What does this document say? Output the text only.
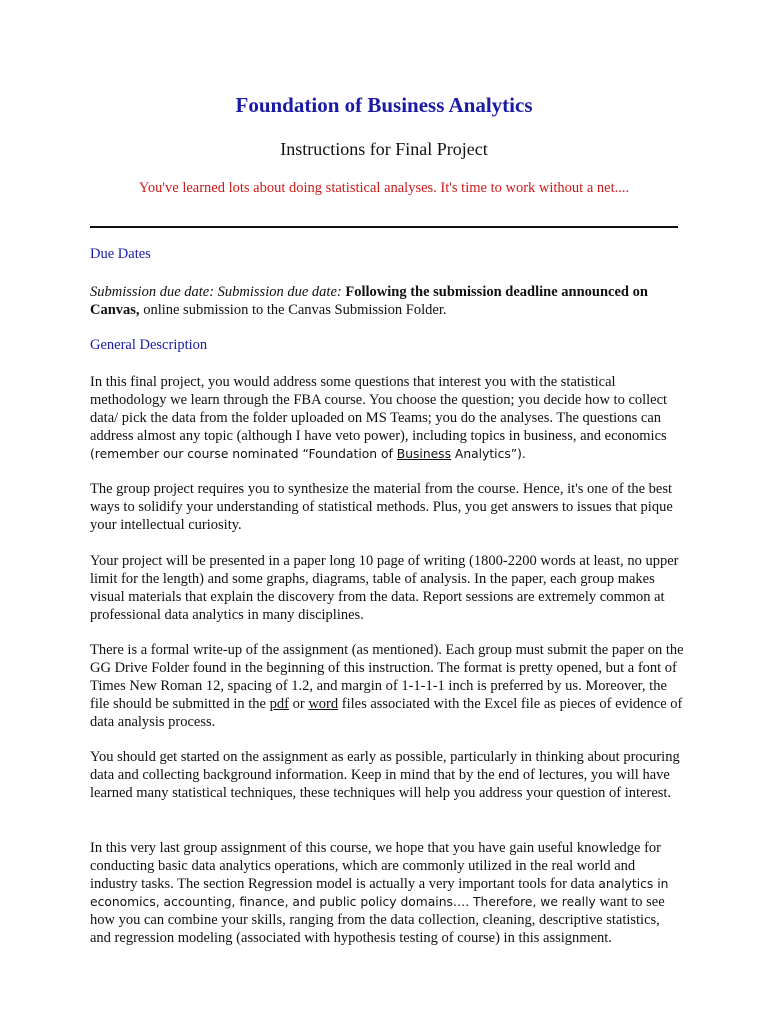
Foundation of Business Analytics
Instructions for Final Project
You've learned lots about doing statistical analyses. It's time to work without a net....
Due Dates
Submission due date: Submission due date: Following the submission deadline announced on Canvas, online submission to the Canvas Submission Folder.
General Description
In this final project, you would address some questions that interest you with the statistical methodology we learn through the FBA course. You choose the question; you decide how to collect data/ pick the data from the folder uploaded on MS Teams; you do the analyses. The questions can address almost any topic (although I have veto power), including topics in business, and economics (remember our course nominated “Foundation of Business Analytics”).
The group project requires you to synthesize the material from the course. Hence, it's one of the best ways to solidify your understanding of statistical methods. Plus, you get answers to issues that pique your intellectual curiosity.
Your project will be presented in a paper long 10 page of writing (1800-2200 words at least, no upper limit for the length) and some graphs, diagrams, table of analysis. In the paper, each group makes visual materials that explain the discovery from the data. Report sessions are extremely common at professional data analytics in many disciplines.
There is a formal write-up of the assignment (as mentioned). Each group must submit the paper on the GG Drive Folder found in the beginning of this instruction. The format is pretty opened, but a font of Times New Roman 12, spacing of 1.2, and margin of 1-1-1-1 inch is preferred by us. Moreover, the file should be submitted in the pdf or word files associated with the Excel file as pieces of evidence of data analysis process.
You should get started on the assignment as early as possible, particularly in thinking about procuring data and collecting background information. Keep in mind that by the end of lectures, you will have learned many statistical techniques, these techniques will help you address your question of interest.
In this very last group assignment of this course, we hope that you have gain useful knowledge for conducting basic data analytics operations, which are commonly utilized in the real world and industry tasks. The section Regression model is actually a very important tools for data analytics in economics, accounting, finance, and public policy domains…. Therefore, we really want to see how you can combine your skills, ranging from the data collection, cleaning, descriptive statistics, and regression modeling (associated with hypothesis testing of course) in this assignment.
